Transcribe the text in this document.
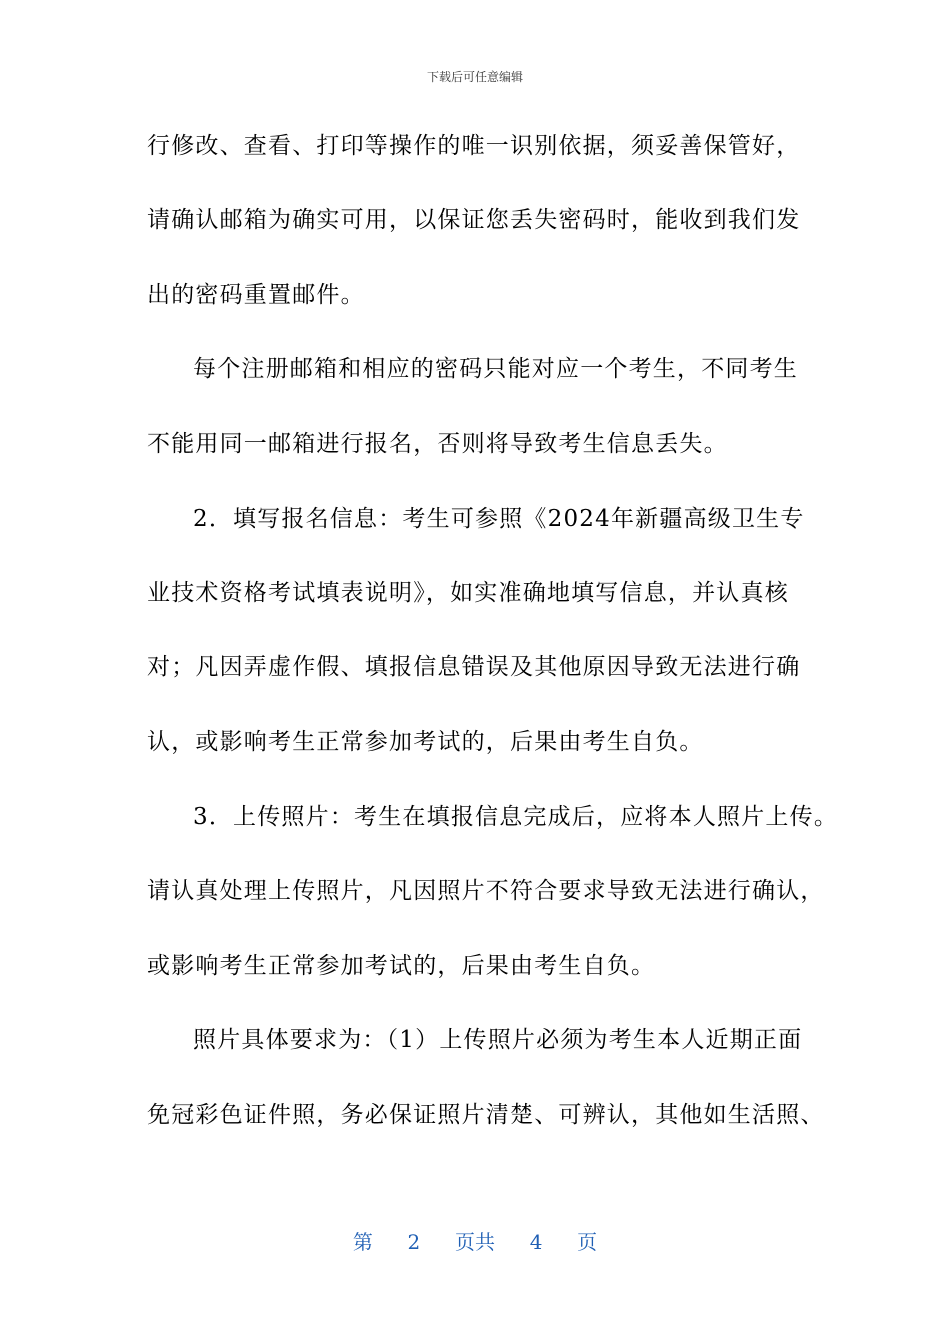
下载后可任意编辑
行修改、查看、打印等操作的唯一识别依据，须妥善保管好，
请确认邮箱为确实可用，以保证您丢失密码时，能收到我们发
出的密码重置邮件。
每个注册邮箱和相应的密码只能对应一个考生，不同考生
不能用同一邮箱进行报名，否则将导致考生信息丢失。
2．填写报名信息：考生可参照《2024年新疆高级卫生专
业技术资格考试填表说明》，如实准确地填写信息，并认真核
对；凡因弄虚作假、填报信息错误及其他原因导致无法进行确
认，或影响考生正常参加考试的，后果由考生自负。
3．上传照片：考生在填报信息完成后，应将本人照片上传。
请认真处理上传照片，凡因照片不符合要求导致无法进行确认，
或影响考生正常参加考试的，后果由考生自负。
照片具体要求为：（1）上传照片必须为考生本人近期正面
免冠彩色证件照，务必保证照片清楚、可辨认，其他如生活照、
第 2 页共 4 页
